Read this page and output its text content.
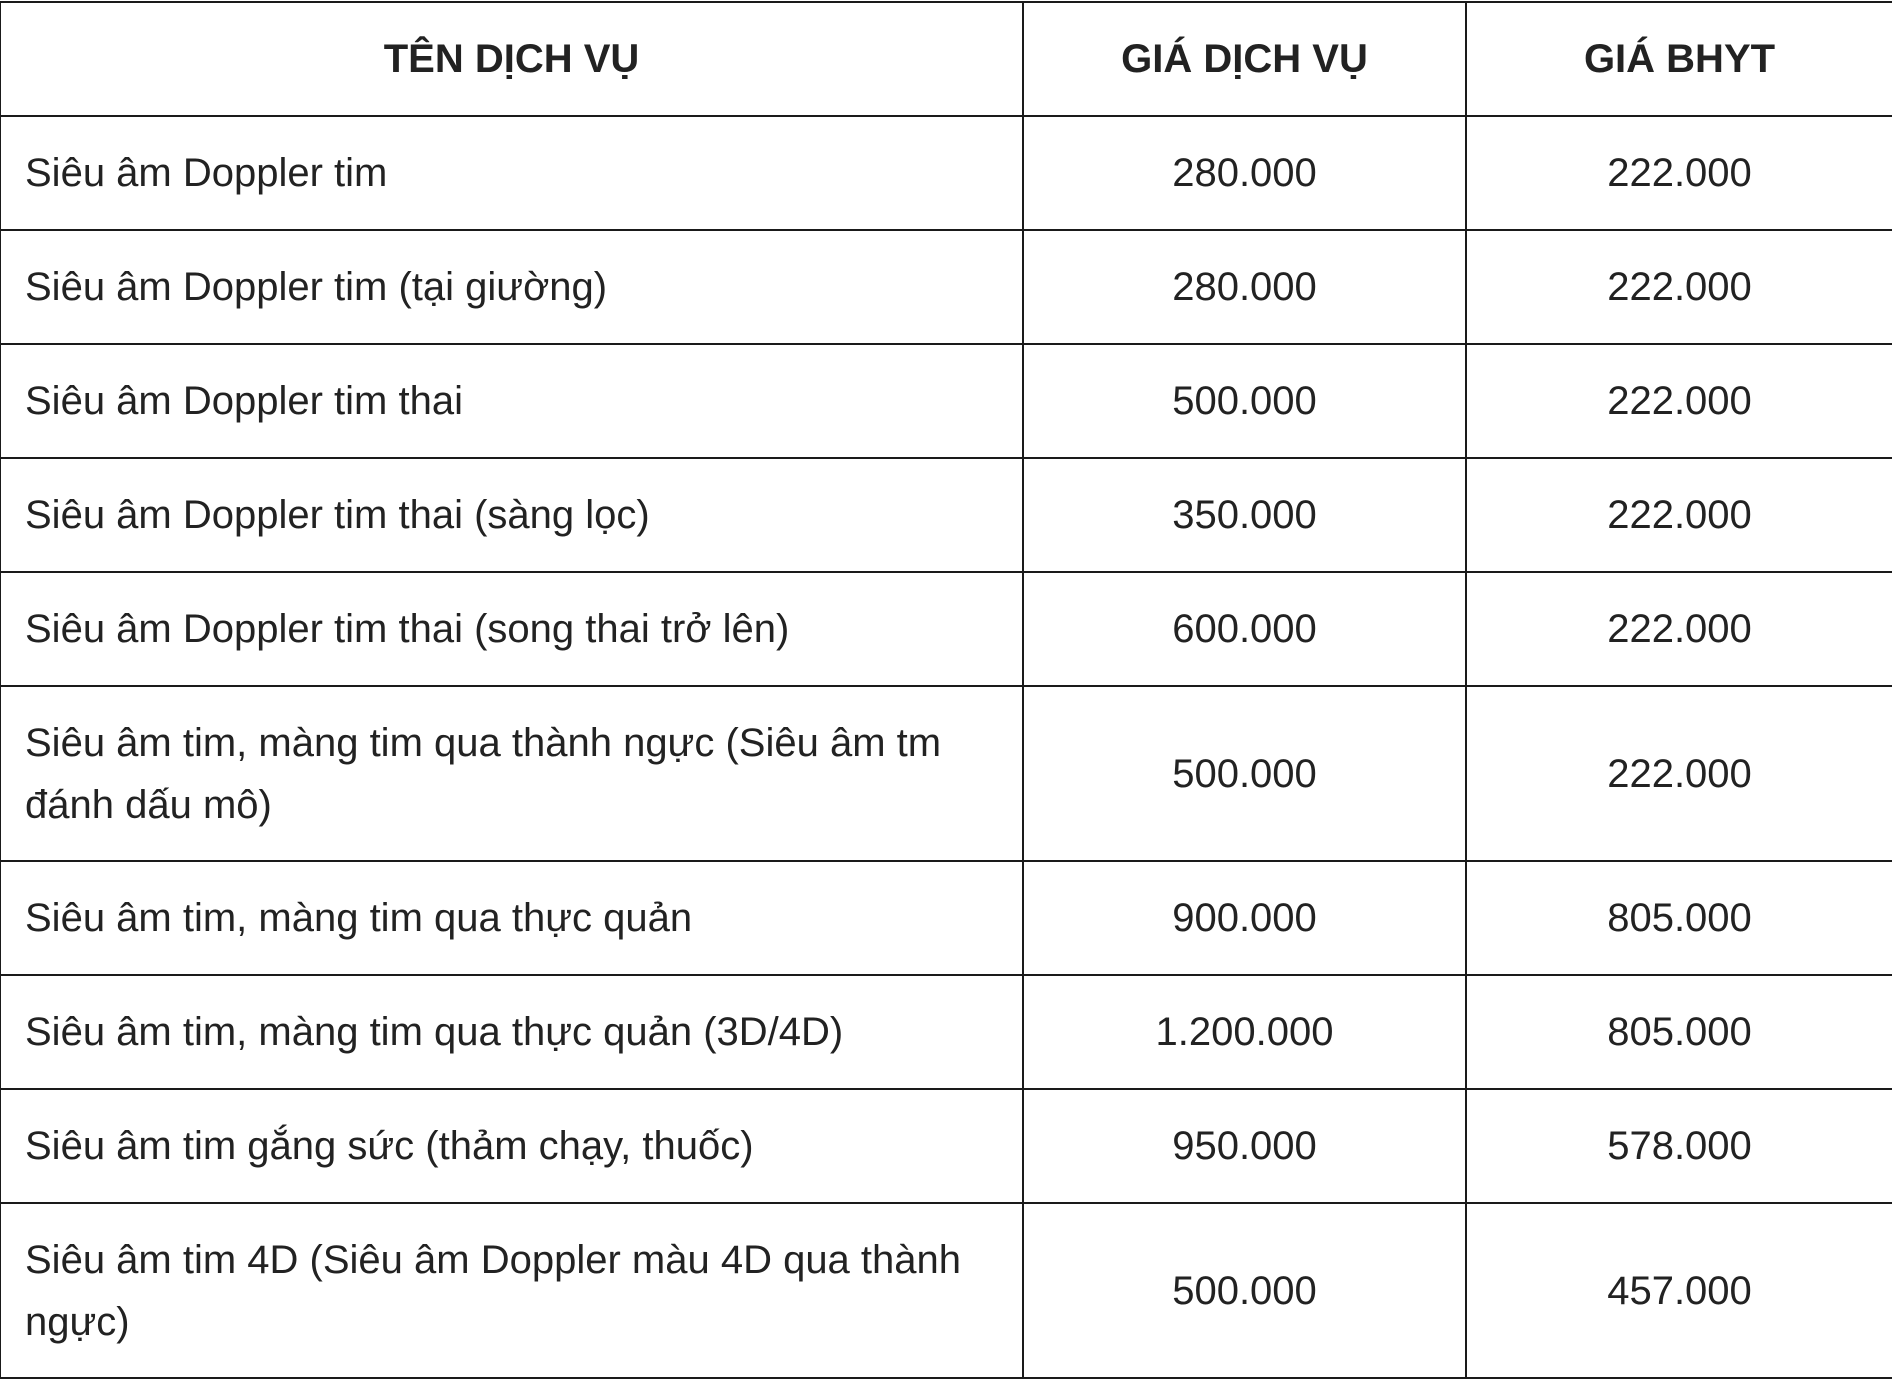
TÊN DỊCH VỤ	GIÁ DỊCH VỤ	GIÁ BHYT
Siêu âm Doppler tim	280.000	222.000
Siêu âm Doppler tim (tại giường)	280.000	222.000
Siêu âm Doppler tim thai	500.000	222.000
Siêu âm Doppler tim thai (sàng lọc)	350.000	222.000
Siêu âm Doppler tim thai (song thai trở lên)	600.000	222.000
Siêu âm tim, màng tim qua thành ngực (Siêu âm tm đánh dấu mô)	500.000	222.000
Siêu âm tim, màng tim qua thực quản	900.000	805.000
Siêu âm tim, màng tim qua thực quản (3D/4D)	1.200.000	805.000
Siêu âm tim gắng sức (thảm chạy, thuốc)	950.000	578.000
Siêu âm tim 4D (Siêu âm Doppler màu 4D qua thành ngực)	500.000	457.000
